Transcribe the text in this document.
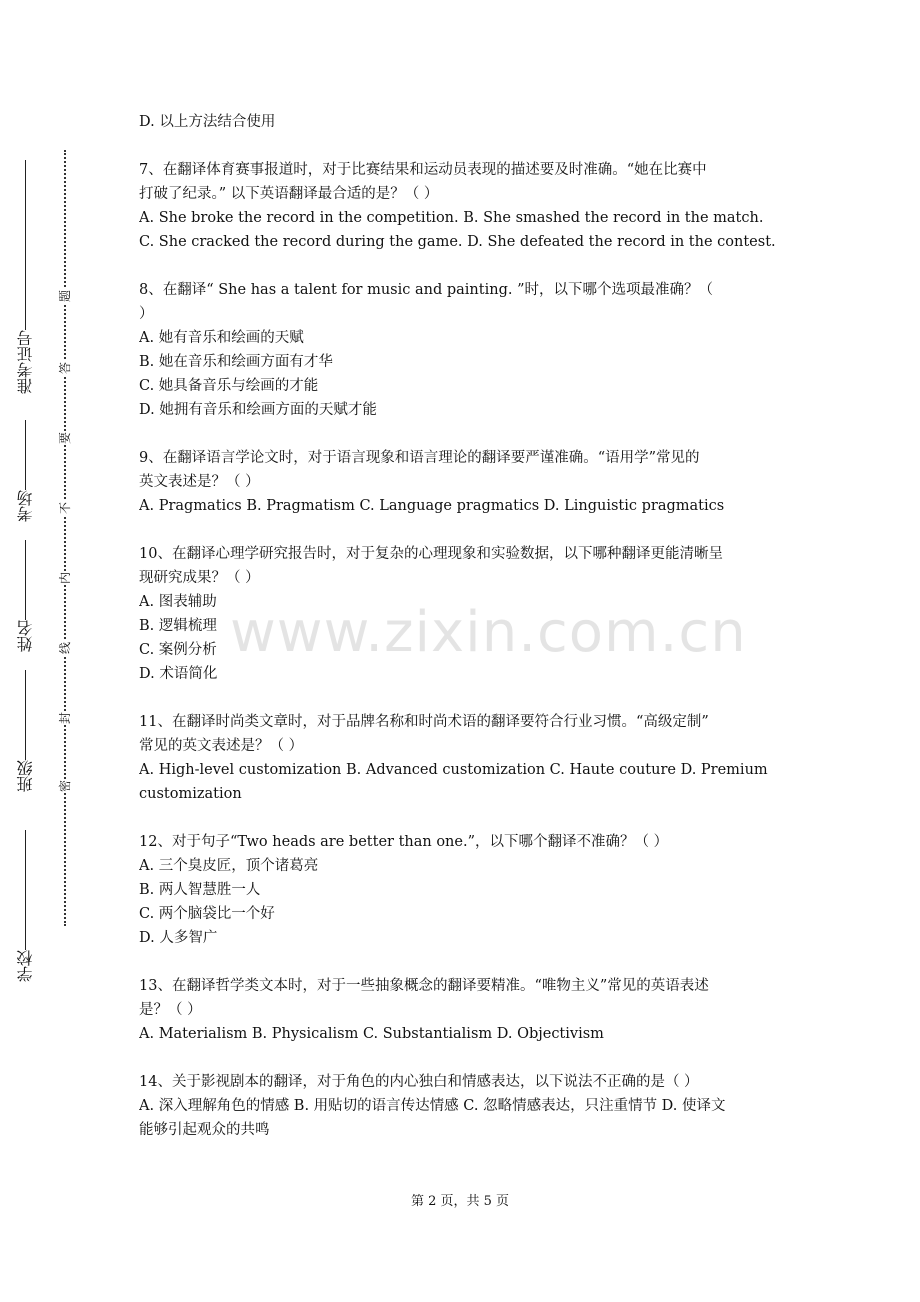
学校
班级
姓名
考场
准考证号
题
答
要
不
内
线
封
密
www.zixin.com.cn
D. 以上方法结合使用
7、在翻译体育赛事报道时，对于比赛结果和运动员表现的描述要及时准确。“她在比赛中
打破了纪录。” 以下英语翻译最合适的是？（ ）
A. She broke the record in the competition. B. She smashed the record in the match.
C. She cracked the record during the game. D. She defeated the record in the contest.
8、在翻译“ She has a talent for music and painting. ”时，以下哪个选项最准确？（
）
A. 她有音乐和绘画的天赋
B. 她在音乐和绘画方面有才华
C. 她具备音乐与绘画的才能
D. 她拥有音乐和绘画方面的天赋才能
9、在翻译语言学论文时，对于语言现象和语言理论的翻译要严谨准确。“语用学”常见的
英文表述是？（ ）
A. Pragmatics B. Pragmatism C. Language pragmatics D. Linguistic pragmatics
10、在翻译心理学研究报告时，对于复杂的心理现象和实验数据，以下哪种翻译更能清晰呈
现研究成果？（ ）
A. 图表辅助
B. 逻辑梳理
C. 案例分析
D. 术语简化
11、在翻译时尚类文章时，对于品牌名称和时尚术语的翻译要符合行业习惯。“高级定制”
常见的英文表述是？（ ）
A. High-level customization B. Advanced customization C. Haute couture D. Premium
customization
12、对于句子“Two heads are better than one.”，以下哪个翻译不准确？（ ）
A. 三个臭皮匠，顶个诸葛亮
B. 两人智慧胜一人
C. 两个脑袋比一个好
D. 人多智广
13、在翻译哲学类文本时，对于一些抽象概念的翻译要精准。“唯物主义”常见的英语表述
是？（ ）
A. Materialism B. Physicalism C. Substantialism D. Objectivism
14、关于影视剧本的翻译，对于角色的内心独白和情感表达，以下说法不正确的是（ ）
A. 深入理解角色的情感 B. 用贴切的语言传达情感 C. 忽略情感表达，只注重情节 D. 使译文
能够引起观众的共鸣
第 2 页，共 5 页
